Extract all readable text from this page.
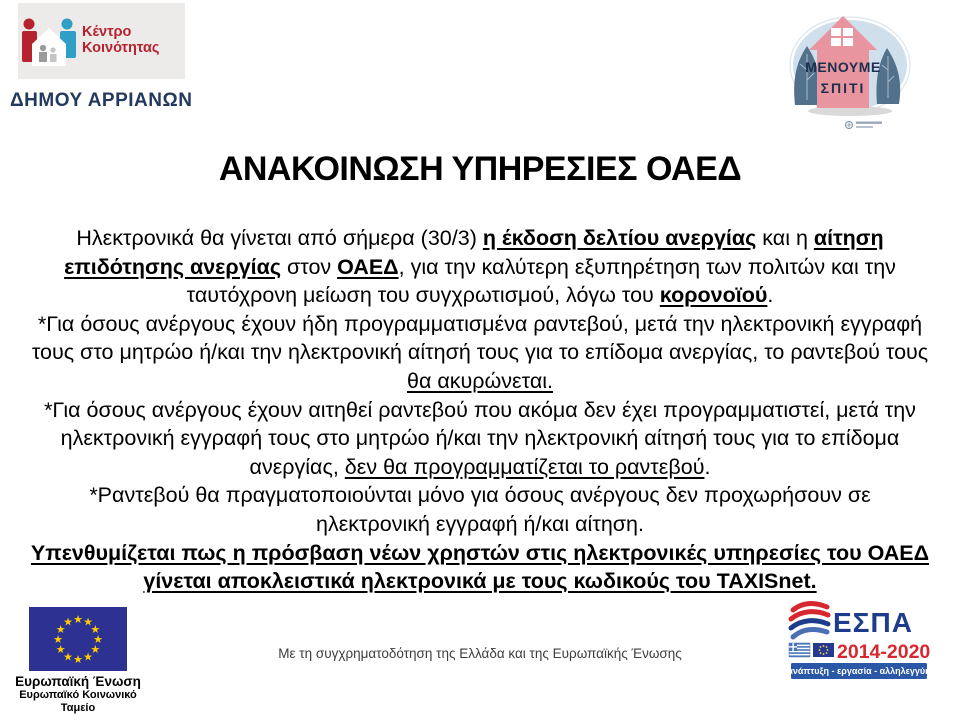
Κέντρο
Κοινότητας
ΔΗΜΟΥ ΑΡΡΙΑΝΩΝ
ΜΕΝΟΥΜΕ
ΣΠΙΤΙ
ΑΝΑΚΟΙΝΩΣΗ ΥΠΗΡΕΣΙΕΣ ΟΑΕΔ
Ηλεκτρονικά θα γίνεται από σήμερα (30/3) η έκδοση δελτίου ανεργίας και η αίτηση επιδότησης ανεργίας στον ΟΑΕΔ, για την καλύτερη εξυπηρέτηση των πολιτών και την ταυτόχρονη μείωση του συγχρωτισμού, λόγω του κορονοϊού.
*Για όσους ανέργους έχουν ήδη προγραμματισμένα ραντεβού, μετά την ηλεκτρονική εγγραφή τους στο μητρώο ή/και την ηλεκτρονική αίτησή τους για το επίδομα ανεργίας, το ραντεβού τους θα ακυρώνεται.
*Για όσους ανέργους έχουν αιτηθεί ραντεβού που ακόμα δεν έχει προγραμματιστεί, μετά την ηλεκτρονική εγγραφή τους στο μητρώο ή/και την ηλεκτρονική αίτησή τους για το επίδομα ανεργίας, δεν θα προγραμματίζεται το ραντεβού.
*Ραντεβού θα πραγματοποιούνται μόνο για όσους ανέργους δεν προχωρήσουν σε ηλεκτρονική εγγραφή ή/και αίτηση.
Υπενθυμίζεται πως η πρόσβαση νέων χρηστών στις ηλεκτρονικές υπηρεσίες του ΟΑΕΔ γίνεται αποκλειστικά ηλεκτρονικά με τους κωδικούς του TAXISnet.
★ ★
★
★
★
★
★
★
★
★
★
★
Ευρωπαϊκή Ένωση
Ευρωπαϊκό Κοινωνικό Ταμείο
Με τη συγχρηματοδότηση της Ελλάδα και της Ευρωπαϊκής Ένωσης
ΕΣΠΑ
2014-2020
ανάπτυξη - εργασία - αλληλεγγύη
